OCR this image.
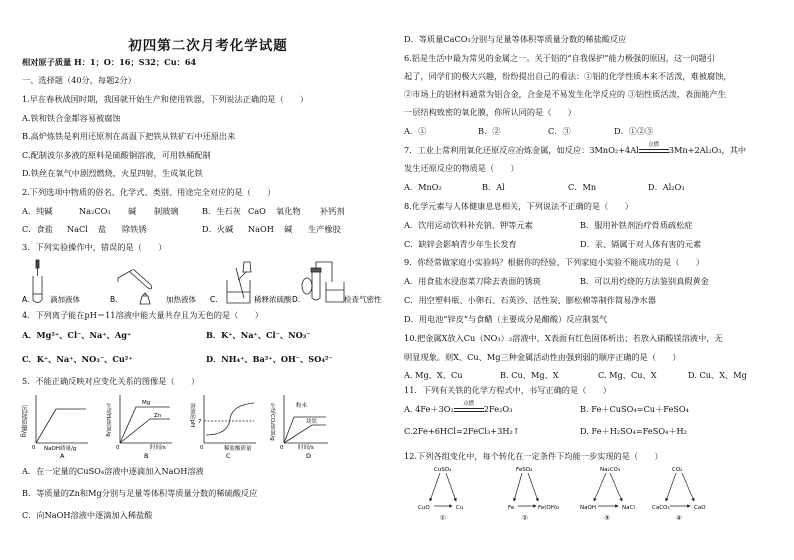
初四第二次月考化学试题
相对原子质量 H：1；O：16；S32；Cu：64
一、选择题（40分，每题2分）
1.早在春秋战国时期，我国就开始生产和使用铁器，下列说法正确的是（　　）
A.铁和铁合金都容易被腐蚀
B.高炉炼铁是利用还原剂在高温下把铁从铁矿石中还原出来
C.配制波尔多液的原料是硫酸铜溶液，可用铁桶配制
D.铁丝在氧气中剧烈燃烧，火星四射，生成氧化铁
2.下列选项中物质的俗名、化学式、类别、用途完全对应的是（　　）
A．纯碱	Na₂CO₃ 碱 制玻璃	B．生石灰 CaO 氧化物 补钙剂
C．食盐 NaCl 盐 除铁锈	D．火碱 NaOH 碱 生产橡胶
3．下列实验操作中，错误的是（　　）
A.	滴加液体	B.	加热液体 C.	稀释浓硫酸 D.	检查气密性
4．下列离子能在pH＝11溶液中能大量共存且为无色的是（　　）
A．Mg²⁺、Cl⁻、Na⁺、Ag⁺	B．K⁺、Na⁺、Cl⁻、NO₃⁻
C．K⁺、Na⁺、NO₃⁻、Cu²⁺	D．NH₄⁺、Ba²⁺、OH⁻、SO₄²⁻
5．不能正确反映对应变化关系的图像是（　　）
沉淀质量/g
0 NaOH质量/g
A
生成H₂质量/g	Mg
Zn
0	时间/s
B
溶液的pH 7
0	稀盐酸质量
C
生成CO₂质量/g	粉末
块状
0	时间/s
D
A．在一定量的CuSO₄溶液中逐滴加入NaOH溶液
B．等质量的Zn和Mg分别与足量等体积等质量分数的稀硫酸反应
C．向NaOH溶液中逐滴加入稀盐酸
D．等质量CaCO₃分别与足量等体积等质量分数的稀盐酸反应
6.铝是生活中最为常见的金属之一。关于铝的“自我保护”能力极强的原因，这一问题引
起了，同学们的极大兴趣，纷纷提出自己的看法：①铝的化学性质本来不活泼，难被腐蚀，
②市场上的铝材料通常为铝合金，合金是不易发生化学反应的 ③铝性质活泼，表面能产生
一层结构致密的氧化膜，你所认同的是（　　）
A．①	B．②	C．③	D．①②③
7．工业上常利用氧化还原反应冶炼金属，如反应：3MnO₂+4Al	点燃	3Mn+2Al₂O₃，其中
发生还原反应的物质是（　　）
A．MnO₂	B．Al	C．Mn	D．Al₂O₃
8.化学元素与人体健康息息相关，下列说法不正确的是（　　）
A．饮用运动饮料补充钠、钾等元素	B．服用补铁剂治疗骨质疏松症
C．缺锌会影响青少年生长发育	D．汞、镉属于对人体有害的元素
9．你经常做家庭小实验吗？根据你的经验，下列家庭小实验不能成功的是（　　）
A．用食盐水浸泡菜刀除去表面的锈斑	B．可以用灼烧的方法鉴别真假黄金
C．用空塑料瓶、小卵石、石英沙、活性炭、膨松棉等制作简易净水器
D．用电池“锌皮”与食醋（主要成分是醋酸）反应制氢气
10.把金属X放入Cu（NO₃）₂溶液中，X表面有红色固体析出；若放入硝酸镁溶液中，无
明显现象。则X、Cu、Mg三种金属活动性由强到弱的顺序正确的是（　　）
A. Mg、X、Cu	B. Cu、Mg、X	C. Mg、Cu、X	D. Cu、X、Mg
11．下列有关铁的化学方程式中，书写正确的是（　　）
A. 4Fe＋3O₂	点燃	2Fe₂O₃	B. Fe＋CuSO₄=Cu＋FeSO₄
C.2Fe+6HCl=2FeCl₃+3H₂↑	D. Fe＋H₂SO₄=FeSO₄＋H₂
12.下列各组变化中，每个转化在一定条件下均能一步实现的是（　　）
CuSO₄
CuO	Cu
①
FeSO₄
Fe	Fe(OH)₂
②
Na₂CO₃
NaOH	NaCl
③
CO₂
CaCO₃	CaO
④
